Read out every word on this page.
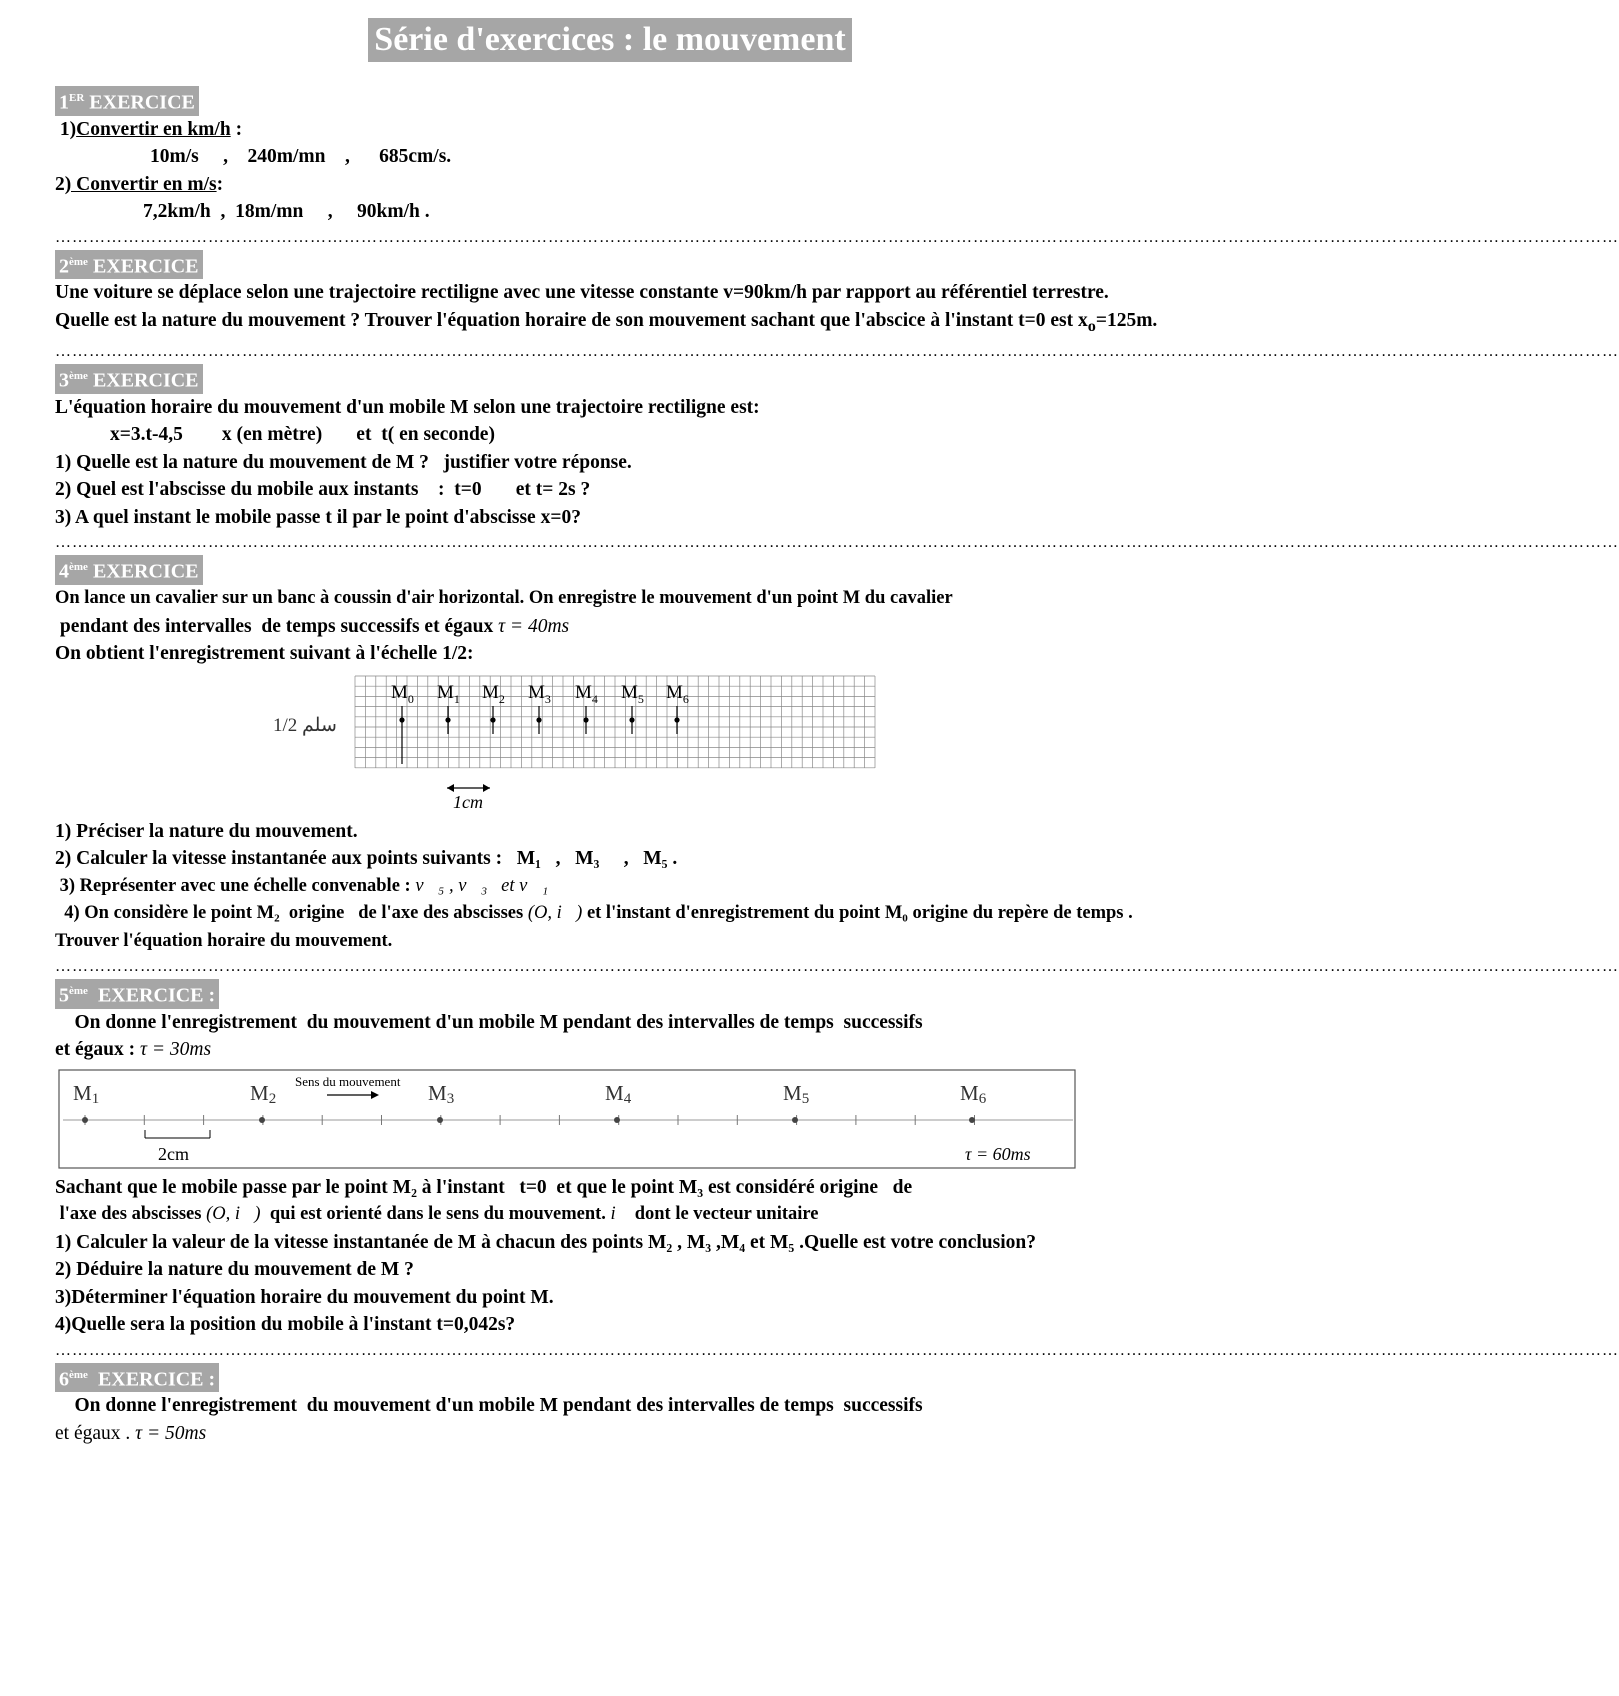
Série d'exercices : le mouvement
1ER EXERCICE

1)Convertir en km/h :

10m/s     ,    240m/mn    ,      685cm/s.

2) Convertir en m/s:

7,2km/h  ,  18m/mn     ,     90km/h .

……………………………………………………………………………………………………………………………………………………………………………………………………………………………………………………
2ème EXERCICE

Une voiture se déplace selon une trajectoire rectiligne avec une vitesse constante v=90km/h par rapport au référentiel terrestre.

Quelle est la nature du mouvement ? Trouver l'équation horaire de son mouvement sachant que l'abscice à l'instant t=0 est $x_o=125m$.

……………………………………………………………………………………………………………………………………………………………………………………………………………………………………………………
3ème EXERCICE

L'équation horaire du mouvement d'un mobile M selon une trajectoire rectiligne est:

x=3.t-4,5        x (en mètre)       et  t( en seconde)

1) Quelle est la nature du mouvement de M ?   justifier votre réponse.

2) Quel est l'abscisse du mobile aux instants    :  t=0       et t= 2s ?

3) A quel instant le mobile passe t il par le point d'abscisse x=0?

……………………………………………………………………………………………………………………………………………………………………………………………………………………………………………………
4ème EXERCICE

On lance un cavalier sur un banc à coussin d'air horizontal. On enregistre le mouvement d'un point M du cavalier

pendant des intervalles  de temps successifs et égaux τ = 40ms

On obtient l'enregistrement suivant à l'échelle 1/2:

1/2 سلم
$M_0$ $M_1$ $M_2$ $M_3$ $M_4$ $M_5$ $M_6$
1cm

1) Préciser la nature du mouvement.

2) Calculer la vitesse instantanée aux points suivants :   M₁   ,   M₃     ,   M₅ .

3) Représenter avec une échelle convenable : v⃗₅ , v⃗₃   et v⃗₁

4) On considère le point M₂  origine   de l'axe des abscisses (O, i⃗) et l'instant d'enregistrement du point M₀ origine du repère de temps . Trouver l'équation horaire du mouvement.

……………………………………………………………………………………………………………………………………………………………………………………………………………………………………………………
5ème  EXERCICE :

On donne l'enregistrement  du mouvement d'un mobile M pendant des intervalles de temps  successifs

et égaux : τ = 30ms

M1	M2	M3	M4	M5	M6
Sens du mouvement
2cm	τ = 60ms

Sachant que le mobile passe par le point M₂ à l'instant   t=0  et que le point M₃ est considéré origine   de

l'axe des abscisses (O, i⃗)  qui est orienté dans le sens du mouvement. i⃗ dont le vecteur unitaire

1) Calculer la valeur de la vitesse instantanée de M à chacun des points M₂ , M₃ ,M₄ et M₅ .Quelle est votre conclusion?

2) Déduire la nature du mouvement de M ?

3)Déterminer l'équation horaire du mouvement du point M.

4)Quelle sera la position du mobile à l'instant t=0,042s?

……………………………………………………………………………………………………………………………………………………………………………………………………………………………………………………
6ème  EXERCICE :

On donne l'enregistrement  du mouvement d'un mobile M pendant des intervalles de temps  successifs

et égaux . τ = 50ms
